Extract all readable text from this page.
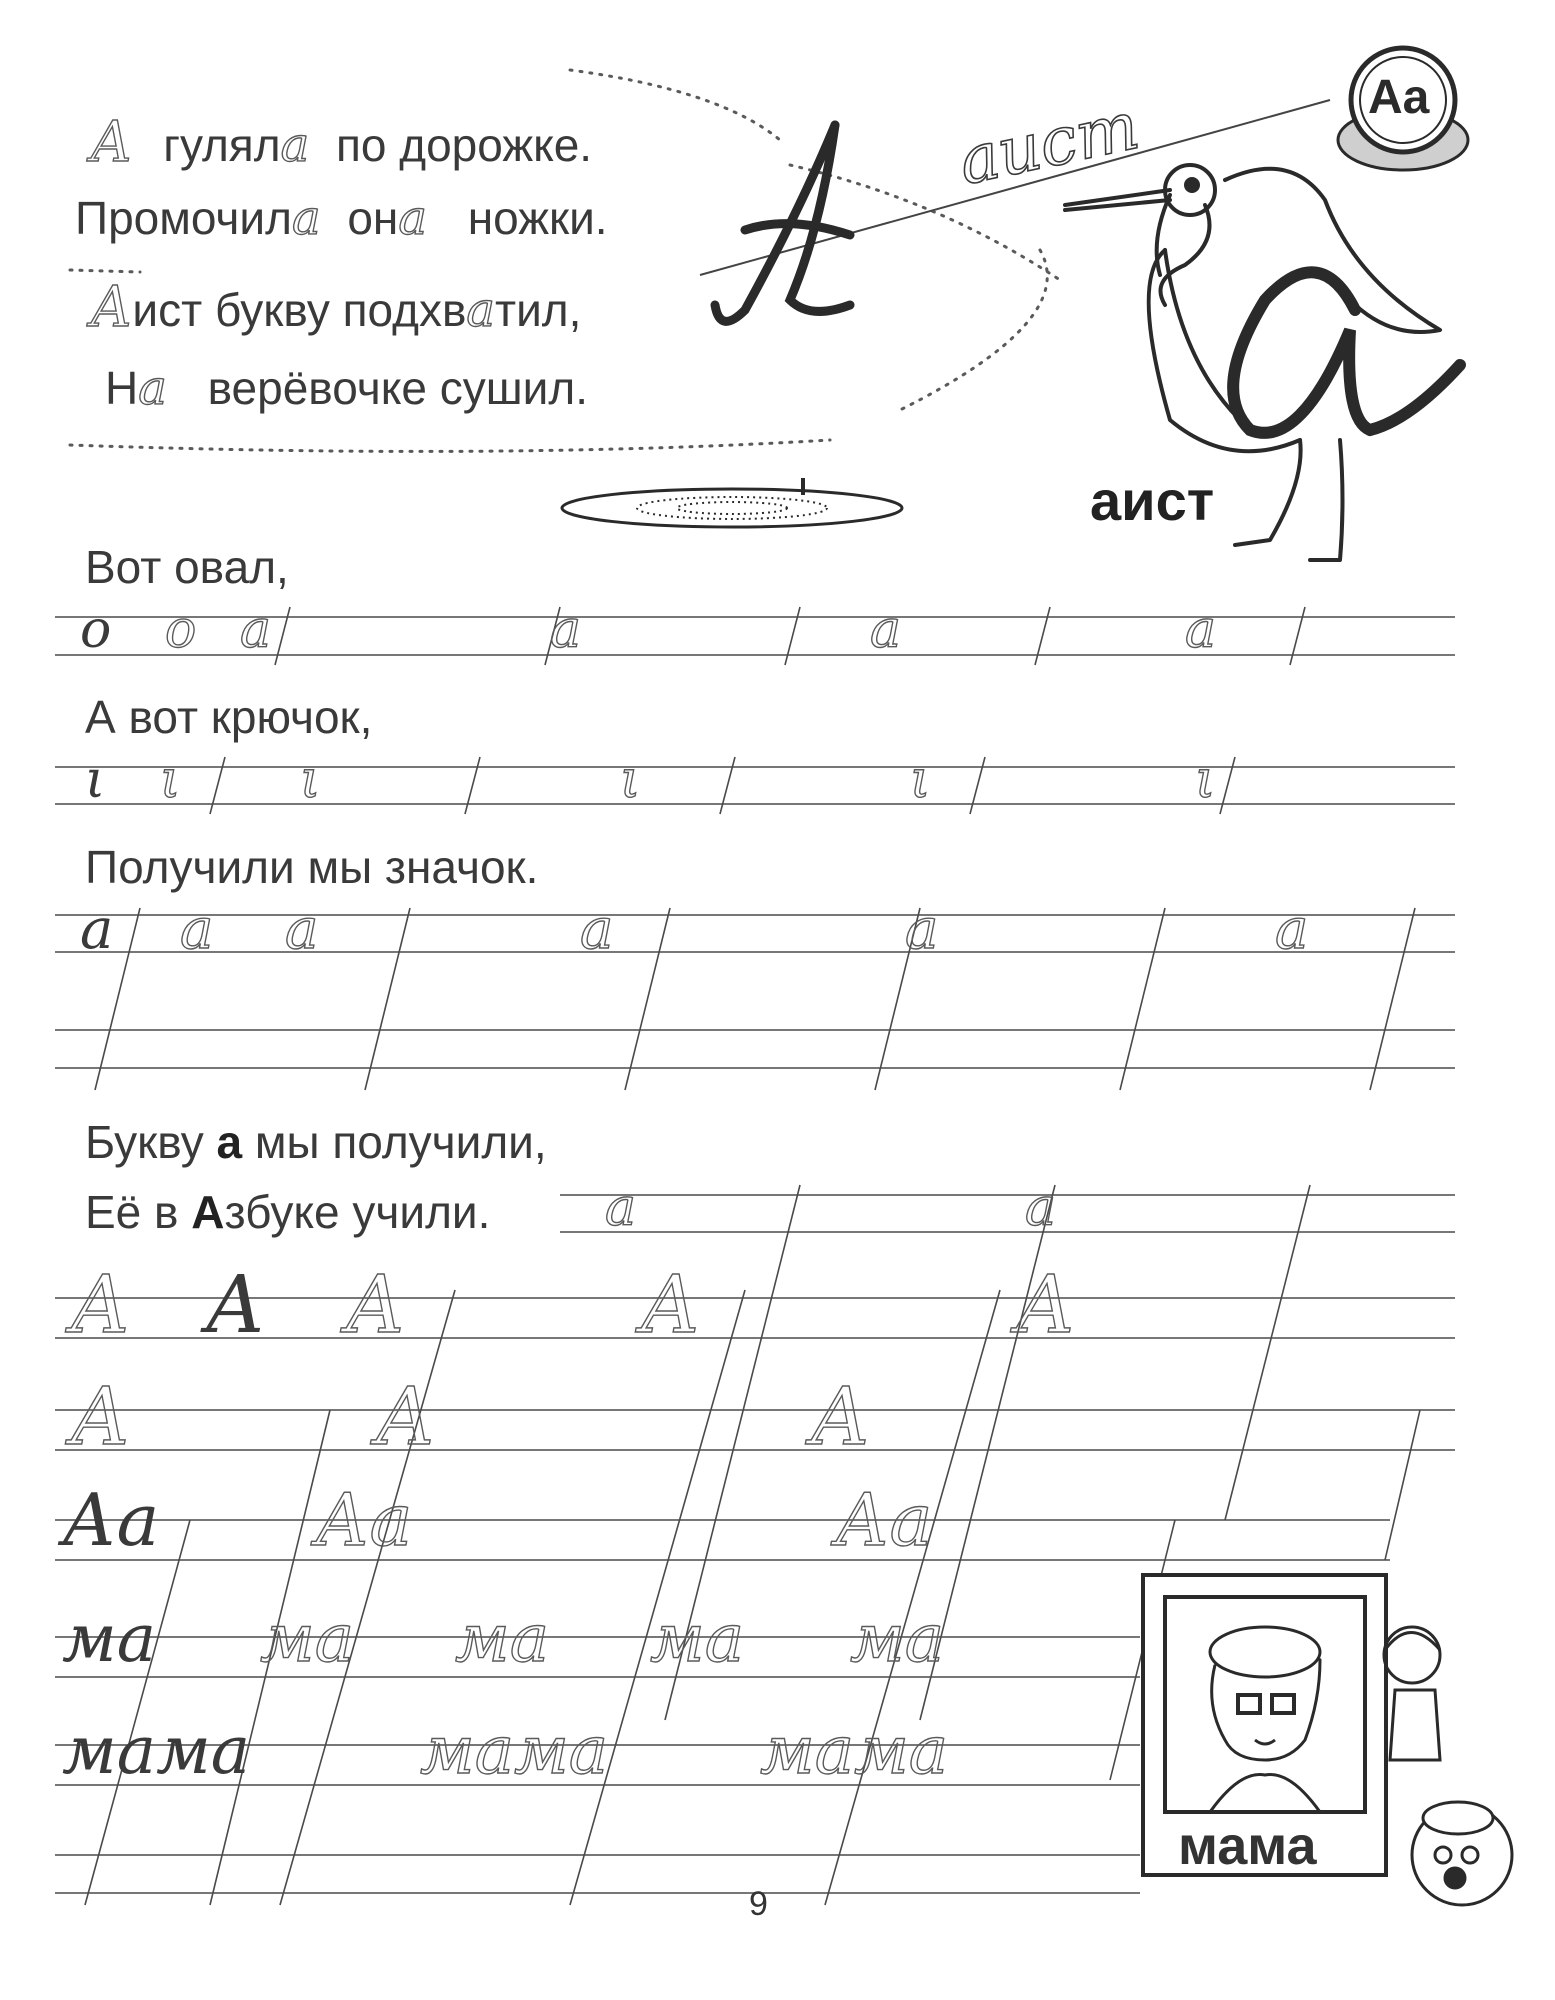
А гуляла по дорожке.
Промочила она ножки.
Аист букву подхватил,
На верёвочке сушил.
Aa
аист
аист
Вот овал,
о о а	а	а	а
А вот крючок,
ι ι ι	ι	ι	ι
Получили мы значок.
а а а	а	а	а
Букву а мы получили,
Её в Азбуке учили. а	а
А А А	А	А
А	А	А
Аа Аа	Аа
ма ма ма ма ма
мама	мама мама
мама
9
